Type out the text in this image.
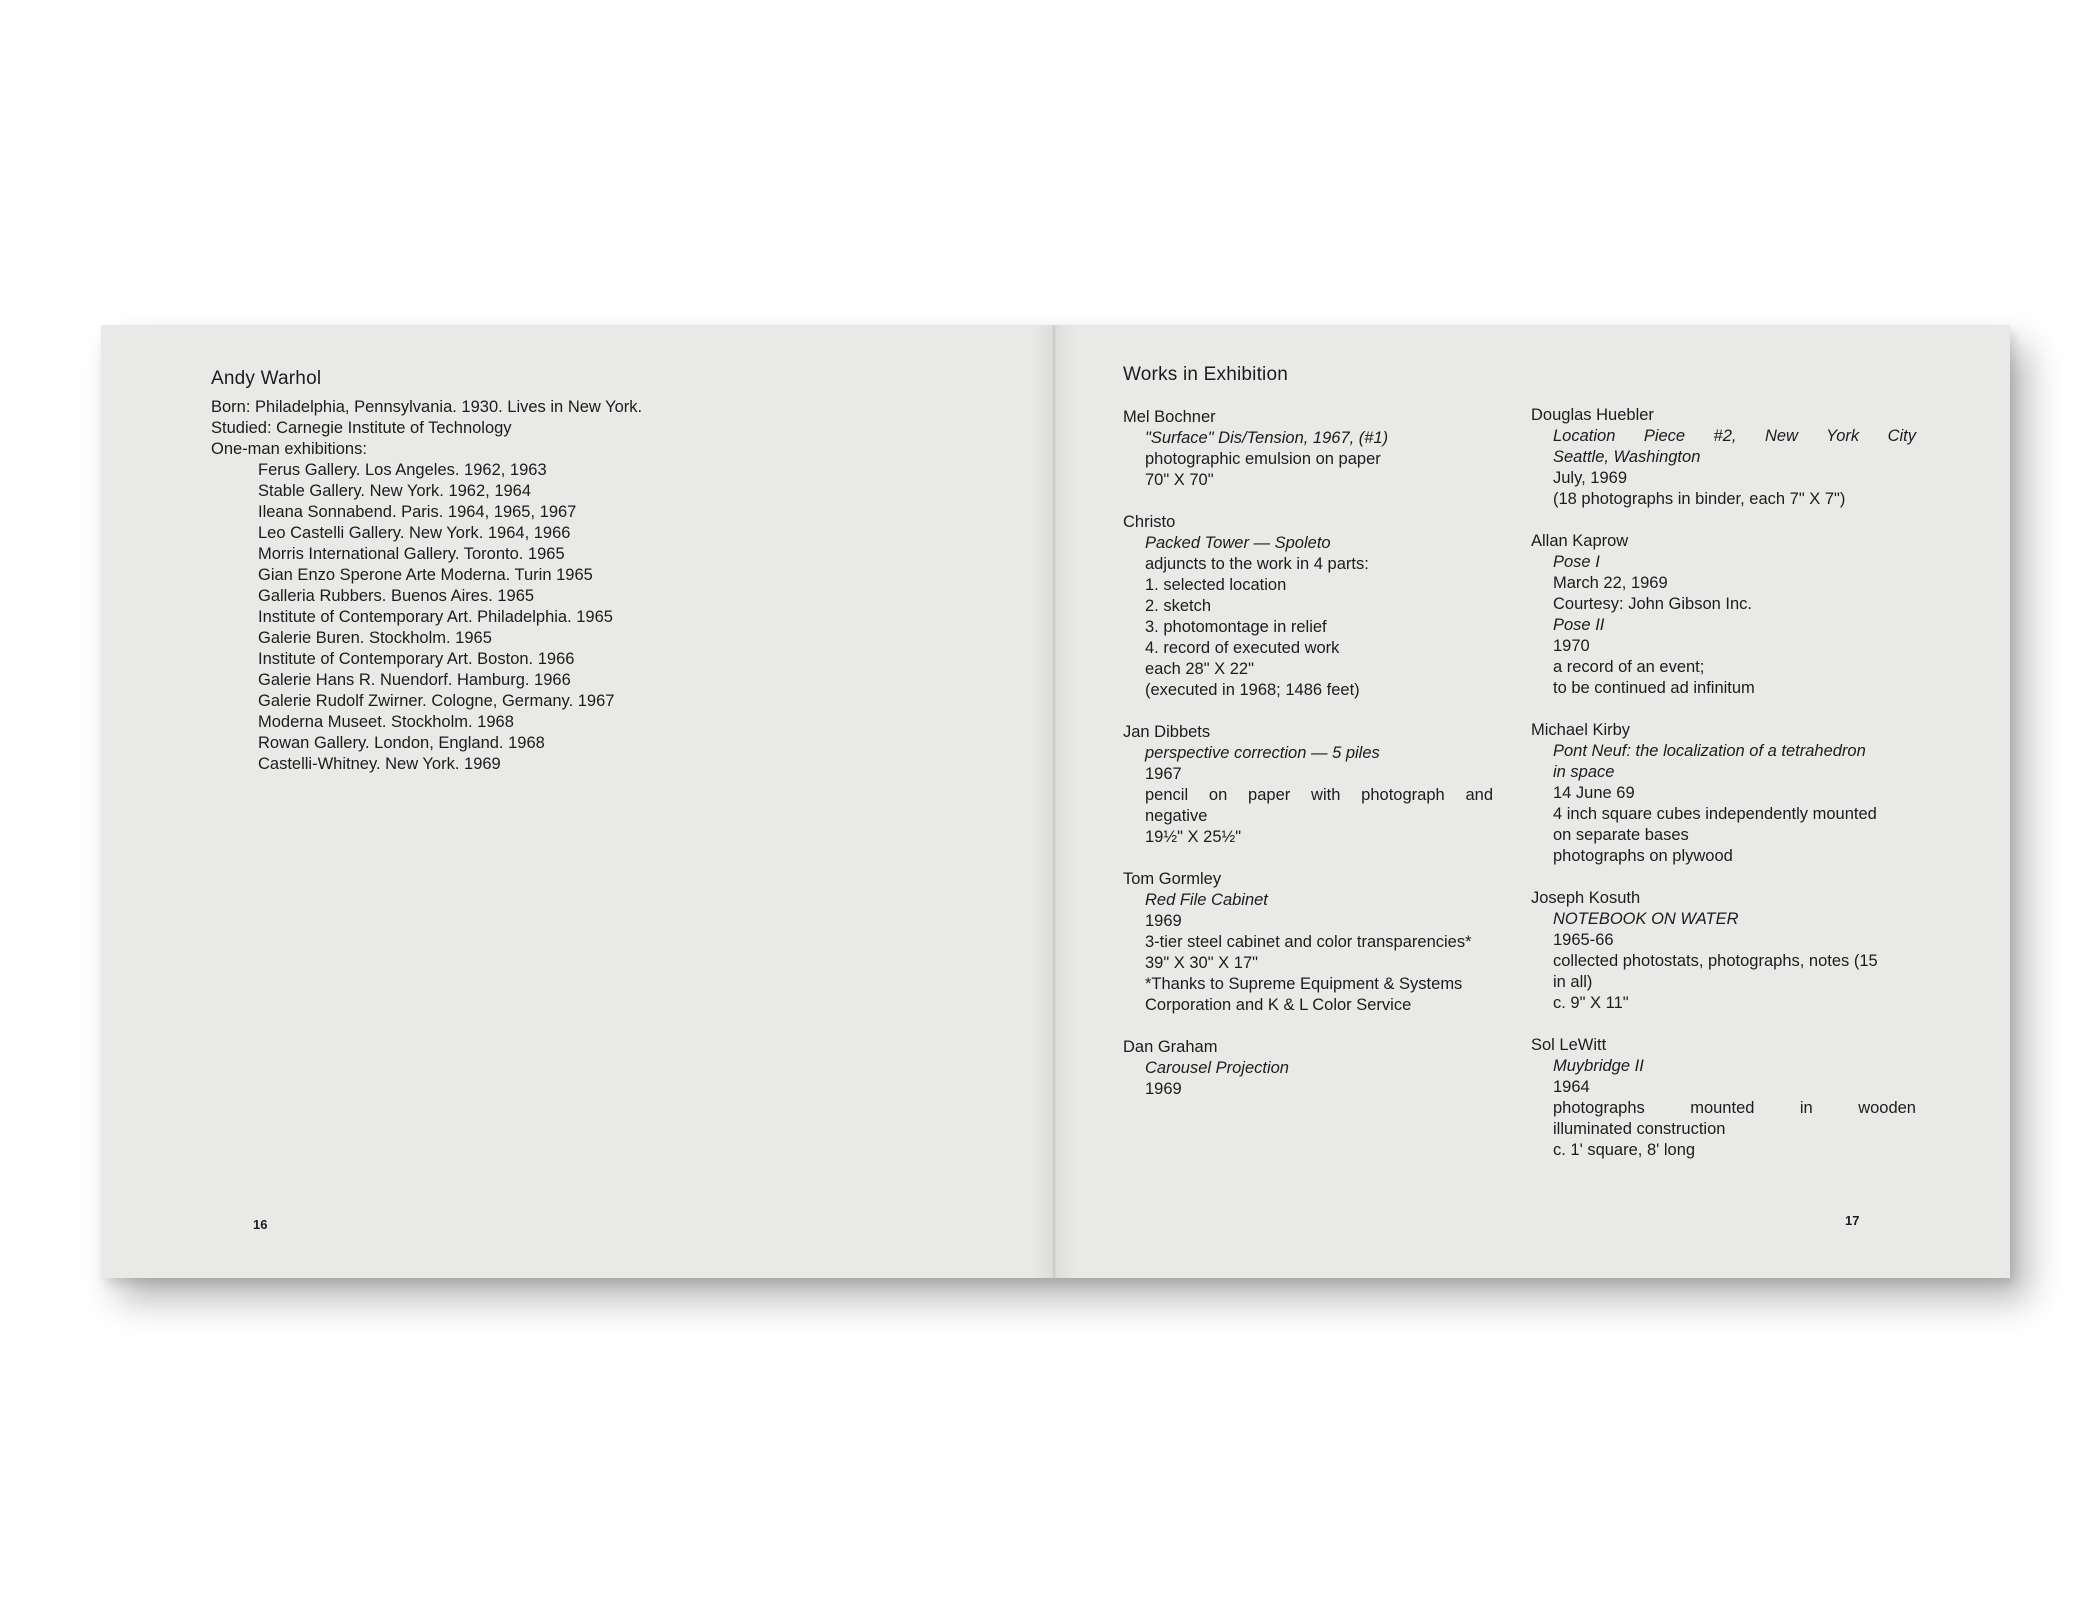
Andy Warhol
Born: Philadelphia, Pennsylvania. 1930. Lives in New York.
Studied: Carnegie Institute of Technology
One-man exhibitions:
Ferus Gallery. Los Angeles. 1962, 1963
Stable Gallery. New York. 1962, 1964
Ileana Sonnabend. Paris. 1964, 1965, 1967
Leo Castelli Gallery. New York. 1964, 1966
Morris International Gallery. Toronto. 1965
Gian Enzo Sperone Arte Moderna. Turin 1965
Galleria Rubbers. Buenos Aires. 1965
Institute of Contemporary Art. Philadelphia. 1965
Galerie Buren. Stockholm. 1965
Institute of Contemporary Art. Boston. 1966
Galerie Hans R. Nuendorf. Hamburg. 1966
Galerie Rudolf Zwirner. Cologne, Germany. 1967
Moderna Museet. Stockholm. 1968
Rowan Gallery. London, England. 1968
Castelli-Whitney. New York. 1969
16
Works in Exhibition
Mel Bochner
"Surface" Dis/Tension, 1967, (#1)
photographic emulsion on paper
70" X 70"
Christo
Packed Tower — Spoleto
adjuncts to the work in 4 parts:
1. selected location
2. sketch
3. photomontage in relief
4. record of executed work
each 28" X 22"
(executed in 1968; 1486 feet)
Jan Dibbets
perspective correction — 5 piles
1967
pencil on paper with photograph and
negative
19½" X 25½"
Tom Gormley
Red File Cabinet
1969
3-tier steel cabinet and color transparencies*
39" X 30" X 17"
*Thanks to Supreme Equipment & Systems
Corporation and K & L Color Service
Dan Graham
Carousel Projection
1969
Douglas Huebler
Location Piece #2, New York City
Seattle, Washington
July, 1969
(18 photographs in binder, each 7" X 7")
Allan Kaprow
Pose I
March 22, 1969
Courtesy: John Gibson Inc.
Pose II
1970
a record of an event;
to be continued ad infinitum
Michael Kirby
Pont Neuf: the localization of a tetrahedron
in space
14 June 69
4 inch square cubes independently mounted
on separate bases
photographs on plywood
Joseph Kosuth
NOTEBOOK ON WATER
1965-66
collected photostats, photographs, notes (15
in all)
c. 9" X 11"
Sol LeWitt
Muybridge II
1964
photographs mounted in wooden
illuminated construction
c. 1' square, 8' long
17
